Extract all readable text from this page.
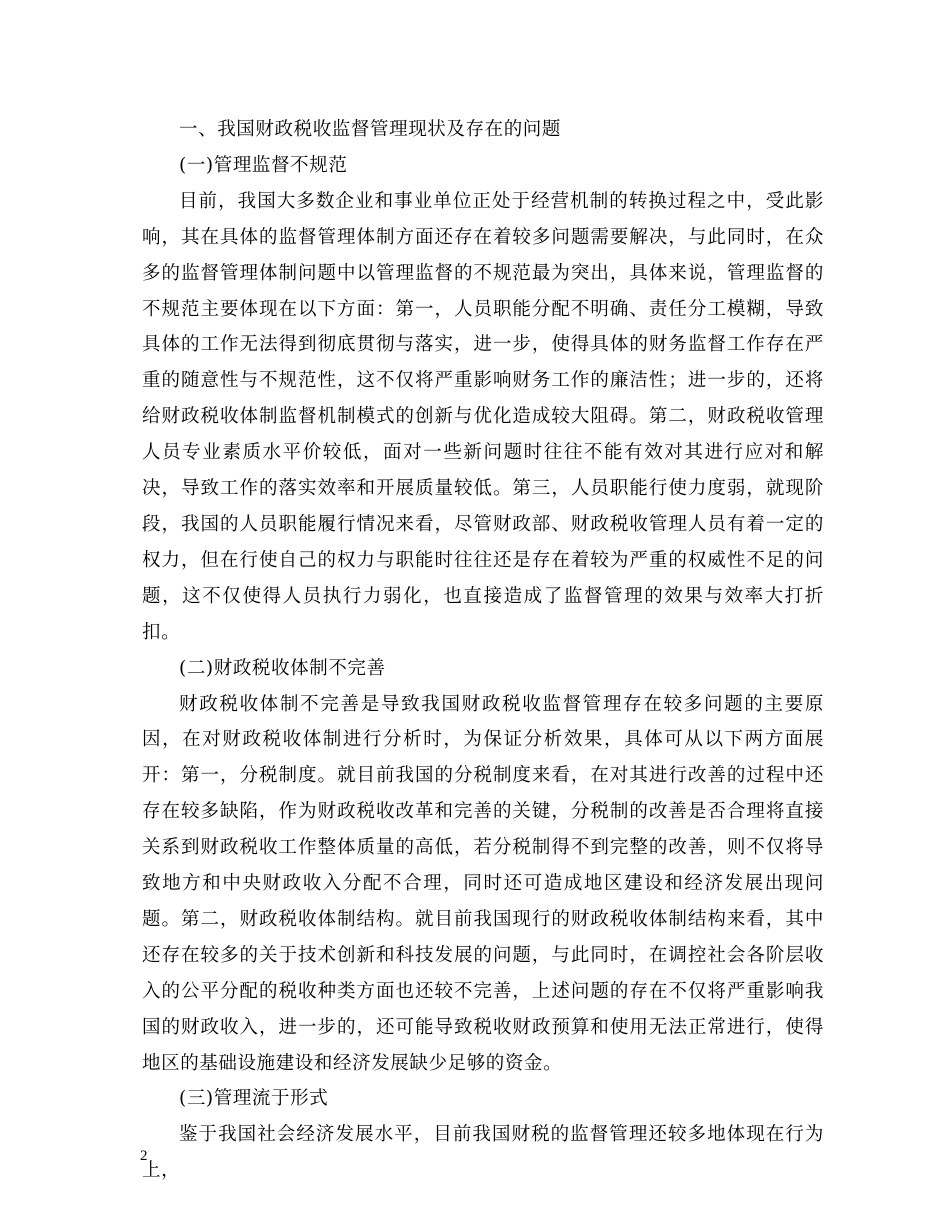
一、我国财政税收监督管理现状及存在的问题

(一)管理监督不规范

目前，我国大多数企业和事业单位正处于经营机制的转换过程之中，受此影响，其在具体的监督管理体制方面还存在着较多问题需要解决，与此同时，在众多的监督管理体制问题中以管理监督的不规范最为突出，具体来说，管理监督的不规范主要体现在以下方面：第一，人员职能分配不明确、责任分工模糊，导致具体的工作无法得到彻底贯彻与落实，进一步，使得具体的财务监督工作存在严重的随意性与不规范性，这不仅将严重影响财务工作的廉洁性；进一步的，还将给财政税收体制监督机制模式的创新与优化造成较大阻碍。第二，财政税收管理人员专业素质水平价较低，面对一些新问题时往往不能有效对其进行应对和解决，导致工作的落实效率和开展质量较低。第三，人员职能行使力度弱，就现阶段，我国的人员职能履行情况来看，尽管财政部、财政税收管理人员有着一定的权力，但在行使自己的权力与职能时往往还是存在着较为严重的权威性不足的问题，这不仅使得人员执行力弱化，也直接造成了监督管理的效果与效率大打折扣。

(二)财政税收体制不完善

财政税收体制不完善是导致我国财政税收监督管理存在较多问题的主要原因，在对财政税收体制进行分析时，为保证分析效果，具体可从以下两方面展开：第一，分税制度。就目前我国的分税制度来看，在对其进行改善的过程中还存在较多缺陷，作为财政税收改革和完善的关键，分税制的改善是否合理将直接关系到财政税收工作整体质量的高低，若分税制得不到完整的改善，则不仅将导致地方和中央财政收入分配不合理，同时还可造成地区建设和经济发展出现问题。第二，财政税收体制结构。就目前我国现行的财政税收体制结构来看，其中还存在较多的关于技术创新和科技发展的问题，与此同时，在调控社会各阶层收入的公平分配的税收种类方面也还较不完善，上述问题的存在不仅将严重影响我国的财政收入，进一步的，还可能导致税收财政预算和使用无法正常进行，使得地区的基础设施建设和经济发展缺少足够的资金。

(三)管理流于形式

鉴于我国社会经济发展水平，目前我国财税的监督管理还较多地体现在行为上，

2
